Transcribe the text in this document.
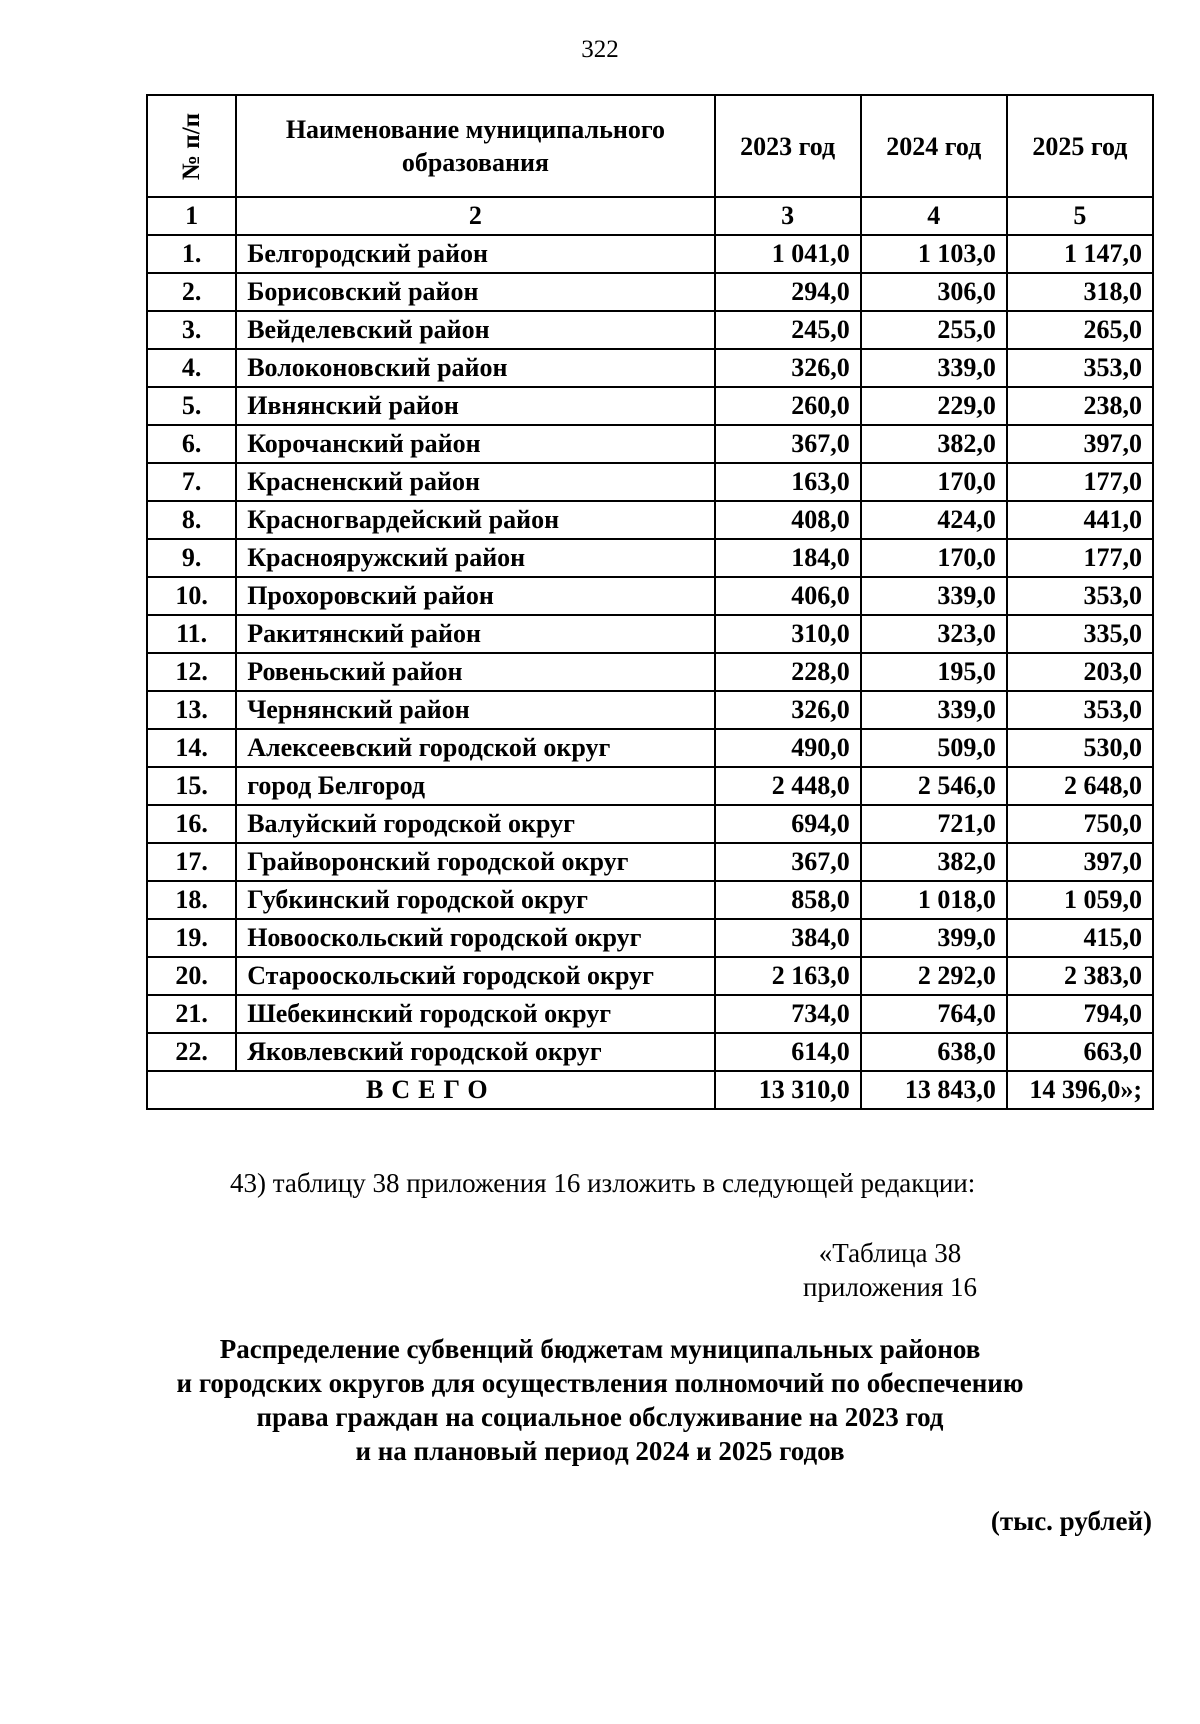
322
№ п/п	Наименование муниципального образования	2023 год	2024 год	2025 год
1	2	3	4	5
1.	Белгородский район	1 041,0	1 103,0	1 147,0
2.	Борисовский район	294,0	306,0	318,0
3.	Вейделевский район	245,0	255,0	265,0
4.	Волоконовский район	326,0	339,0	353,0
5.	Ивнянский район	260,0	229,0	238,0
6.	Корочанский район	367,0	382,0	397,0
7.	Красненский район	163,0	170,0	177,0
8.	Красногвардейский район	408,0	424,0	441,0
9.	Краснояружский район	184,0	170,0	177,0
10.	Прохоровский район	406,0	339,0	353,0
11.	Ракитянский район	310,0	323,0	335,0
12.	Ровеньский район	228,0	195,0	203,0
13.	Чернянский район	326,0	339,0	353,0
14.	Алексеевский городской округ	490,0	509,0	530,0
15.	город Белгород	2 448,0	2 546,0	2 648,0
16.	Валуйский городской округ	694,0	721,0	750,0
17.	Грайворонский городской округ	367,0	382,0	397,0
18.	Губкинский городской округ	858,0	1 018,0	1 059,0
19.	Новооскольский городской округ	384,0	399,0	415,0
20.	Старооскольский городской округ	2 163,0	2 292,0	2 383,0
21.	Шебекинский городской округ	734,0	764,0	794,0
22.	Яковлевский городской округ	614,0	638,0	663,0
ВСЕГО		13 310,0	13 843,0	14 396,0»;
43) таблицу 38 приложения 16 изложить в следующей редакции:
«Таблица 38
приложения 16
Распределение субвенций бюджетам муниципальных районов
и городских округов для осуществления полномочий по обеспечению
права граждан на социальное обслуживание на 2023 год
и на плановый период 2024 и 2025 годов
(тыс. рублей)
